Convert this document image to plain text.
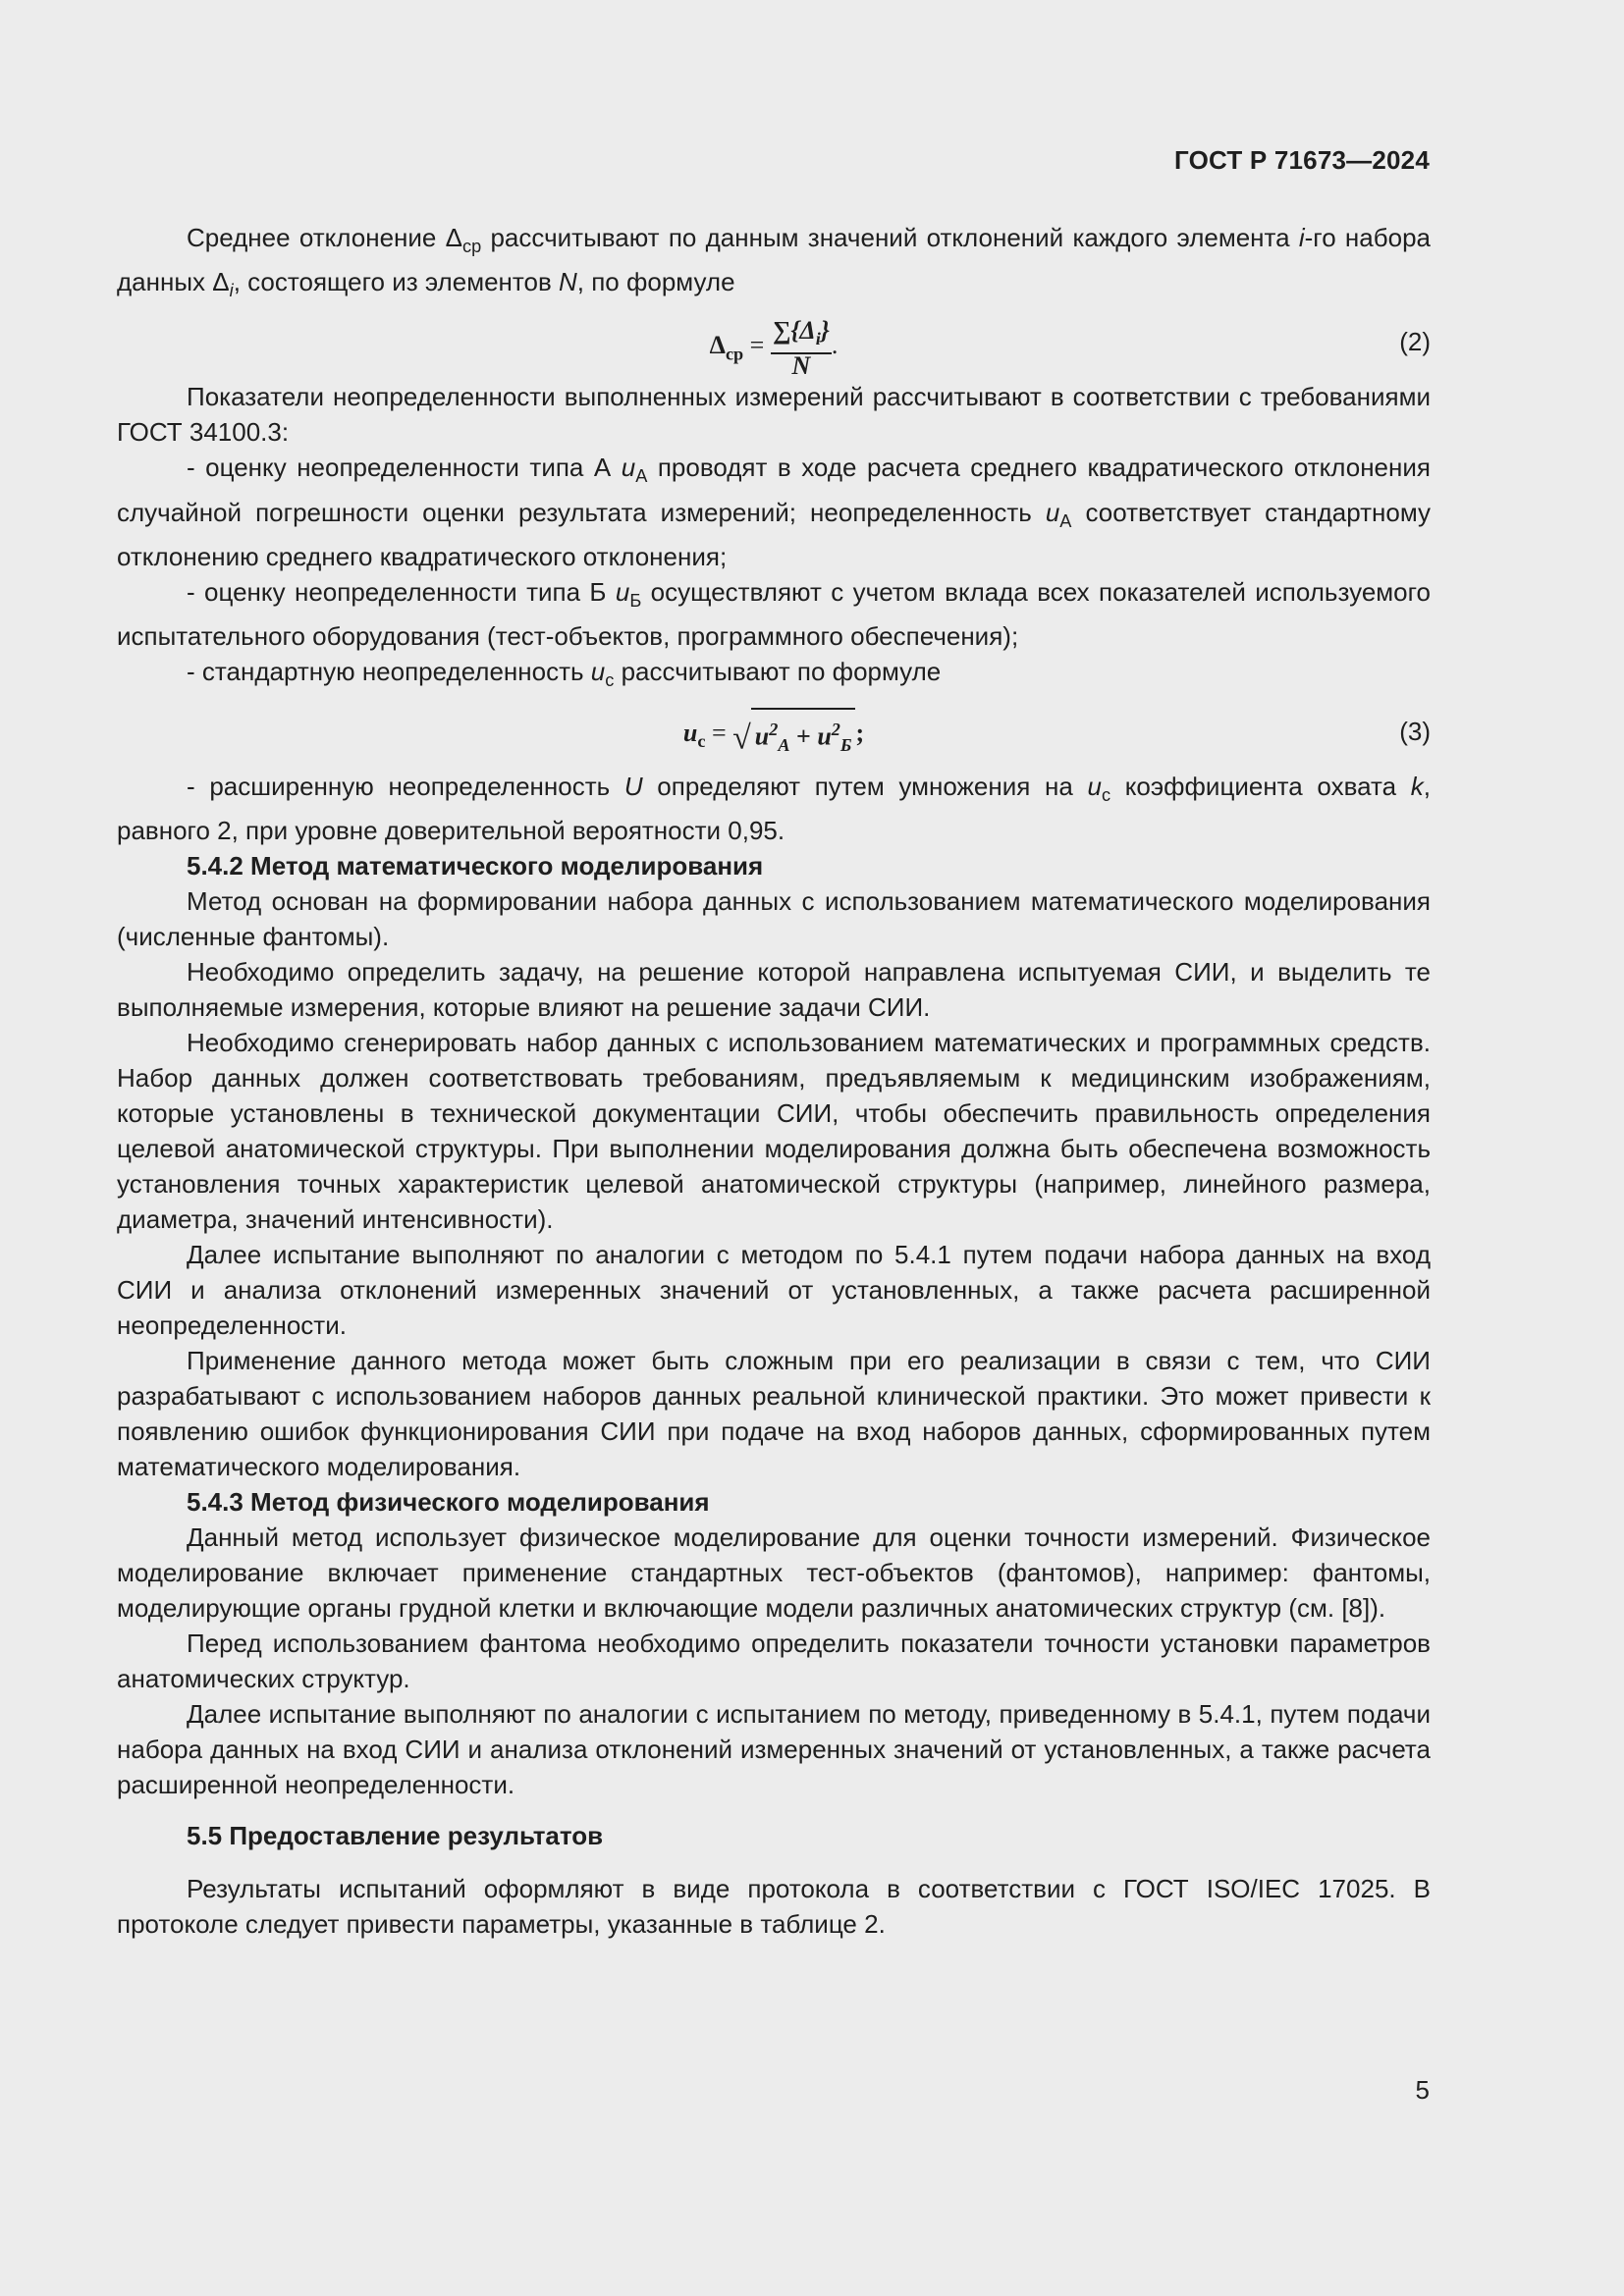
ГОСТ Р 71673—2024

Среднее отклонение $\Delta_{ср}$ рассчитывают по данным значений отклонений каждого элемента i-го набора данных $\Delta_i$, состоящего из элементов N, по формуле

$\Delta_{ср} = \frac{\sum\{\Delta_i\}}{N}$ .	(2)

Показатели неопределенности выполненных измерений рассчитывают в соответствии с требованиями ГОСТ 34100.3:

- оценку неопределенности типа А $u_А$ проводят в ходе расчета среднего квадратического отклонения случайной погрешности оценки результата измерений; неопределенность $u_А$ соответствует стандартному отклонению среднего квадратического отклонения;

- оценку неопределенности типа Б $u_Б$ осуществляют с учетом вклада всех показателей используемого испытательного оборудования (тест-объектов, программного обеспечения);

- стандартную неопределенность $u_c$ рассчитывают по формуле

$u_c$ = √ $u^2_А + u^2_Б$ ;	(3)

- расширенную неопределенность U определяют путем умножения на $u_c$ коэффициента охвата k, равного 2, при уровне доверительной вероятности 0,95.

5.4.2 Метод математического моделирования

Метод основан на формировании набора данных с использованием математического моделирования (численные фантомы).

Необходимо определить задачу, на решение которой направлена испытуемая СИИ, и выделить те выполняемые измерения, которые влияют на решение задачи СИИ.

Необходимо сгенерировать набор данных с использованием математических и программных средств. Набор данных должен соответствовать требованиям, предъявляемым к медицинским изображениям, которые установлены в технической документации СИИ, чтобы обеспечить правильность определения целевой анатомической структуры. При выполнении моделирования должна быть обеспечена возможность установления точных характеристик целевой анатомической структуры (например, линейного размера, диаметра, значений интенсивности).

Далее испытание выполняют по аналогии с методом по 5.4.1 путем подачи набора данных на вход СИИ и анализа отклонений измеренных значений от установленных, а также расчета расширенной неопределенности.

Применение данного метода может быть сложным при его реализации в связи с тем, что СИИ разрабатывают с использованием наборов данных реальной клинической практики. Это может привести к появлению ошибок функционирования СИИ при подаче на вход наборов данных, сформированных путем математического моделирования.

5.4.3 Метод физического моделирования

Данный метод использует физическое моделирование для оценки точности измерений. Физическое моделирование включает применение стандартных тест-объектов (фантомов), например: фантомы, моделирующие органы грудной клетки и включающие модели различных анатомических структур (см. [8]).

Перед использованием фантома необходимо определить показатели точности установки параметров анатомических структур.

Далее испытание выполняют по аналогии с испытанием по методу, приведенному в 5.4.1, путем подачи набора данных на вход СИИ и анализа отклонений измеренных значений от установленных, а также расчета расширенной неопределенности.

5.5 Предоставление результатов

Результаты испытаний оформляют в виде протокола в соответствии с ГОСТ ISO/IEC 17025. В протоколе следует привести параметры, указанные в таблице 2.

5
